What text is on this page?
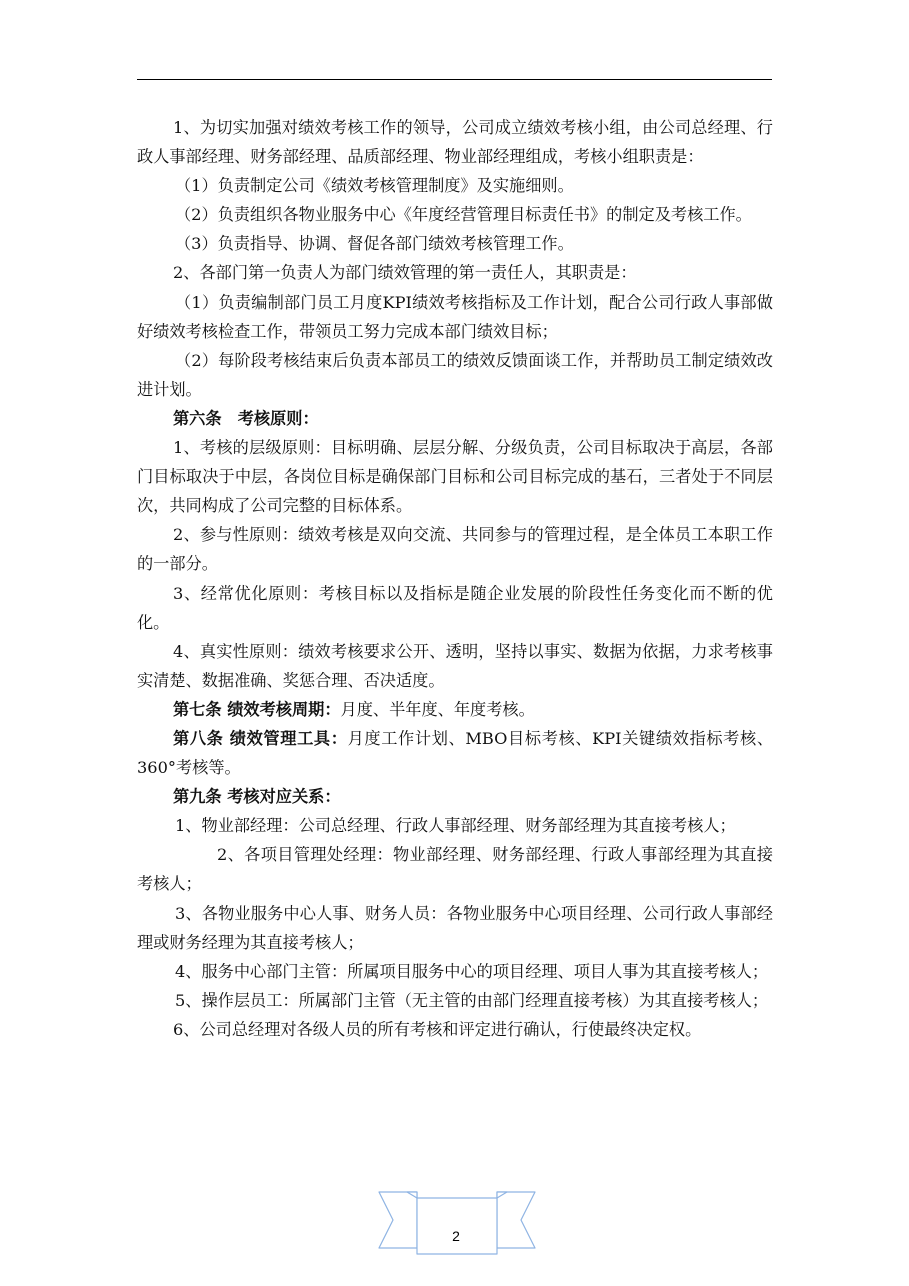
1、为切实加强对绩效考核工作的领导，公司成立绩效考核小组，由公司总经理、行政人事部经理、财务部经理、品质部经理、物业部经理组成，考核小组职责是：

（1）负责制定公司《绩效考核管理制度》及实施细则。

（2）负责组织各物业服务中心《年度经营管理目标责任书》的制定及考核工作。

（3）负责指导、协调、督促各部门绩效考核管理工作。

2、各部门第一负责人为部门绩效管理的第一责任人，其职责是：

（1）负责编制部门员工月度KPI绩效考核指标及工作计划，配合公司行政人事部做好绩效考核检查工作，带领员工努力完成本部门绩效目标；

（2）每阶段考核结束后负责本部员工的绩效反馈面谈工作，并帮助员工制定绩效改进计划。

第六条　考核原则：

1、考核的层级原则：目标明确、层层分解、分级负责，公司目标取决于高层，各部门目标取决于中层，各岗位目标是确保部门目标和公司目标完成的基石，三者处于不同层次，共同构成了公司完整的目标体系。

2、参与性原则：绩效考核是双向交流、共同参与的管理过程，是全体员工本职工作的一部分。

3、经常优化原则：考核目标以及指标是随企业发展的阶段性任务变化而不断的优化。

4、真实性原则：绩效考核要求公开、透明，坚持以事实、数据为依据，力求考核事实清楚、数据准确、奖惩合理、否决适度。

第七条 绩效考核周期：月度、半年度、年度考核。

第八条 绩效管理工具：月度工作计划、MBO目标考核、KPI关键绩效指标考核、360°考核等。

第九条 考核对应关系：

1、物业部经理：公司总经理、行政人事部经理、财务部经理为其直接考核人；

2、各项目管理处经理：物业部经理、财务部经理、行政人事部经理为其直接考核人；

3、各物业服务中心人事、财务人员：各物业服务中心项目经理、公司行政人事部经理或财务经理为其直接考核人；

4、服务中心部门主管：所属项目服务中心的项目经理、项目人事为其直接考核人；

5、操作层员工：所属部门主管（无主管的由部门经理直接考核）为其直接考核人；

6、公司总经理对各级人员的所有考核和评定进行确认，行使最终决定权。

2
